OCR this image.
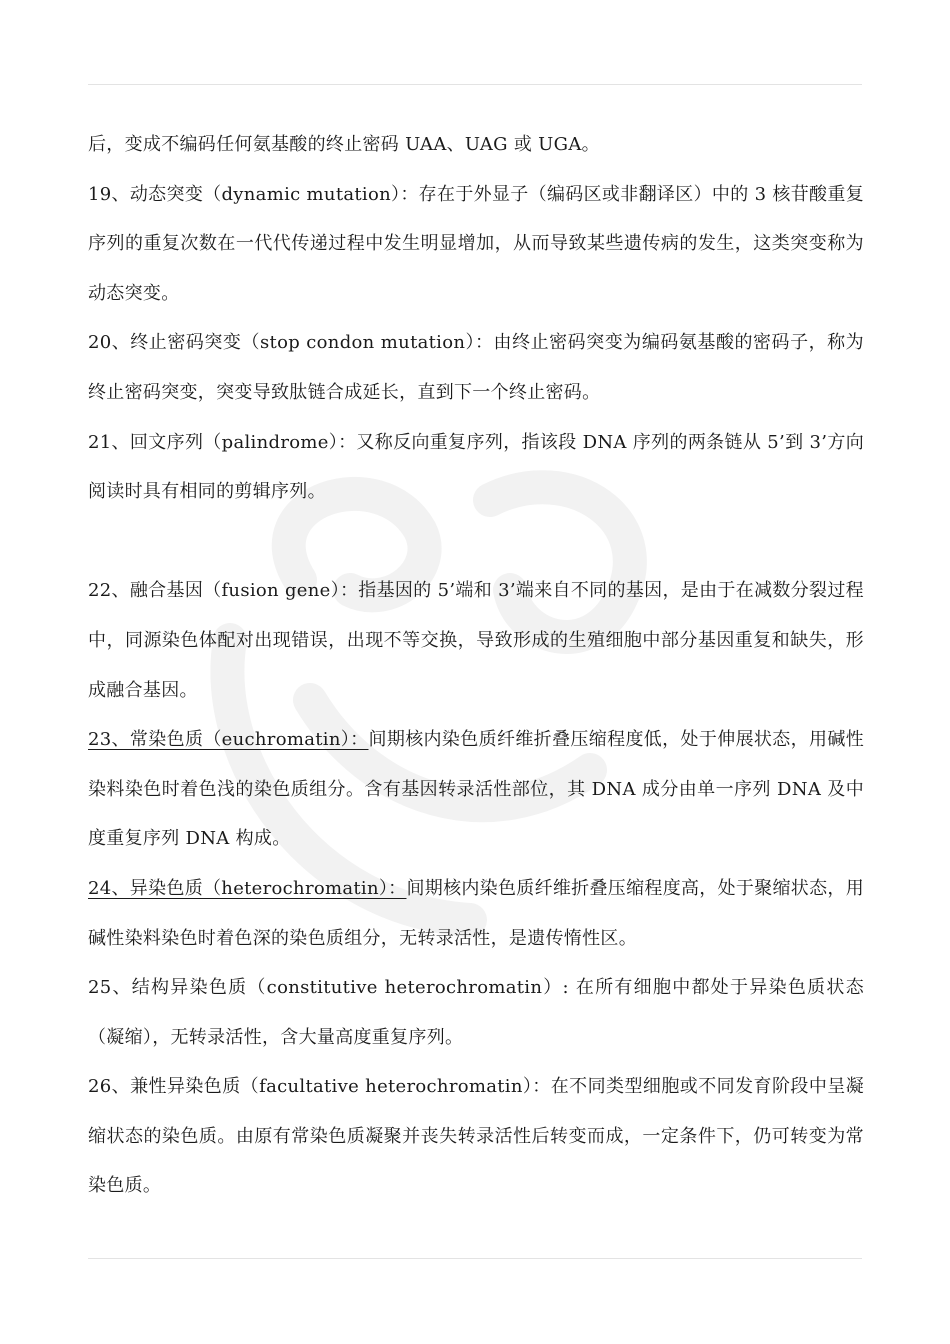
后，变成不编码任何氨基酸的终止密码 UAA、UAG 或 UGA。

19、动态突变（dynamic mutation）：存在于外显子（编码区或非翻译区）中的 3 核苷酸重复序列的重复次数在一代代传递过程中发生明显增加，从而导致某些遗传病的发生，这类突变称为动态突变。

20、终止密码突变（stop condon mutation）：由终止密码突变为编码氨基酸的密码子，称为终止密码突变，突变导致肽链合成延长，直到下一个终止密码。

21、回文序列（palindrome）：又称反向重复序列，指该段 DNA 序列的两条链从 5’到 3’方向阅读时具有相同的剪辑序列。

22、融合基因（fusion gene）：指基因的 5’端和 3’端来自不同的基因，是由于在减数分裂过程中，同源染色体配对出现错误，出现不等交换，导致形成的生殖细胞中部分基因重复和缺失，形成融合基因。

23、常染色质（euchromatin）：间期核内染色质纤维折叠压缩程度低，处于伸展状态，用碱性染料染色时着色浅的染色质组分。含有基因转录活性部位，其 DNA 成分由单一序列 DNA 及中度重复序列 DNA 构成。

24、异染色质（heterochromatin）：间期核内染色质纤维折叠压缩程度高，处于聚缩状态，用碱性染料染色时着色深的染色质组分，无转录活性，是遗传惰性区。

25、结构异染色质（constitutive heterochromatin）: 在所有细胞中都处于异染色质状态（凝缩），无转录活性，含大量高度重复序列。

26、兼性异染色质（facultative heterochromatin）：在不同类型细胞或不同发育阶段中呈凝缩状态的染色质。由原有常染色质凝聚并丧失转录活性后转变而成，一定条件下，仍可转变为常染色质。
